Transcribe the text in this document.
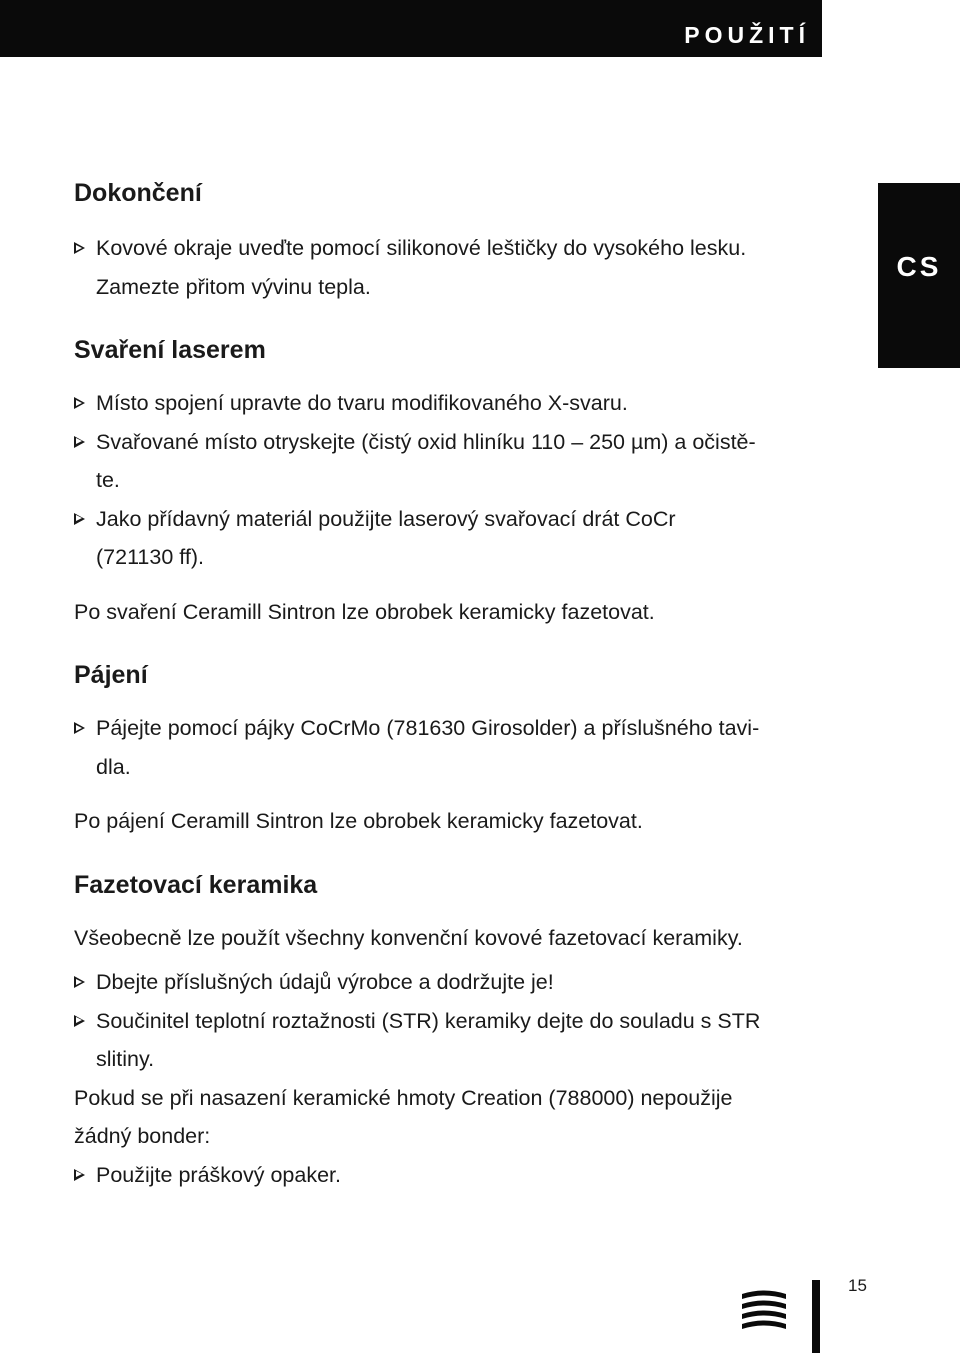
POUŽITÍ
CS
Dokončení
Kovové okraje uveďte pomocí silikonové leštičky do vysokého lesku.
Zamezte přitom vývinu tepla.
Svaření laserem
Místo spojení upravte do tvaru modifikovaného X-svaru.
Svařované místo otryskejte (čistý oxid hliníku 110 – 250 µm) a očistě-
te.
Jako přídavný materiál použijte laserový svařovací drát CoCr
(721130 ff).
Po svaření Ceramill Sintron lze obrobek keramicky fazetovat.
Pájení
Pájejte pomocí pájky CoCrMo (781630 Girosolder) a příslušného tavi-
dla.
Po pájení Ceramill Sintron lze obrobek keramicky fazetovat.
Fazetovací keramika
Všeobecně lze použít všechny konvenční kovové fazetovací keramiky.
Dbejte příslušných údajů výrobce a dodržujte je!
Součinitel teplotní roztažnosti (STR) keramiky dejte do souladu s STR
slitiny.
Pokud se při nasazení keramické hmoty Creation (788000) nepoužije
žádný bonder:
Použijte práškový opaker.
15
